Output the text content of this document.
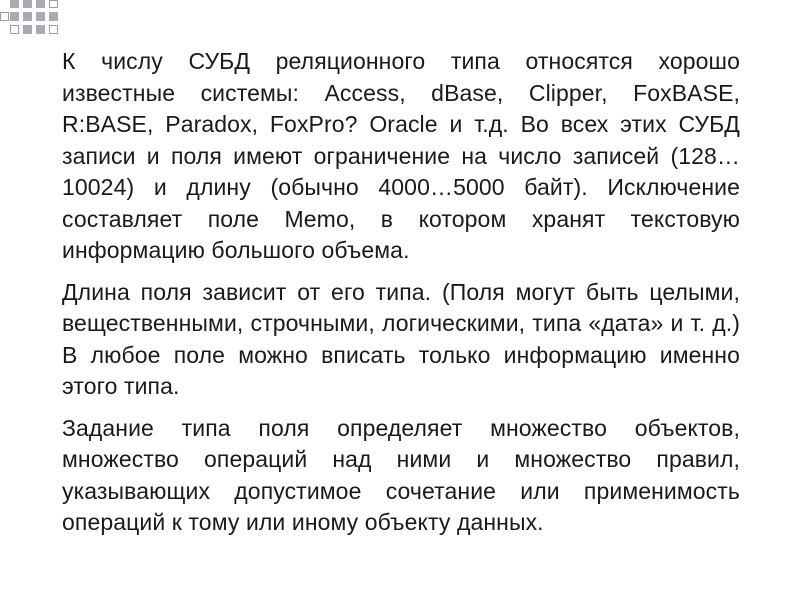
К числу СУБД реляционного типа относятся хорошо известные системы: Access, dBase, Clipper, FoxBASE, R:BASE, Paradox, FoxPro? Oracle и т.д. Во всех этих СУБД записи и поля имеют ограничение на число записей (128…10024) и длину (обычно 4000…5000 байт). Исключение составляет поле Memo, в котором хранят текстовую информацию большого объема.

Длина поля зависит от его типа. (Поля могут быть целыми, вещественными, строчными, логическими, типа «дата» и т. д.) В любое поле можно вписать только информацию именно этого типа.

Задание типа поля определяет множество объектов, множество операций над ними и множество правил, указывающих допустимое сочетание или применимость операций к тому или иному объекту данных.
